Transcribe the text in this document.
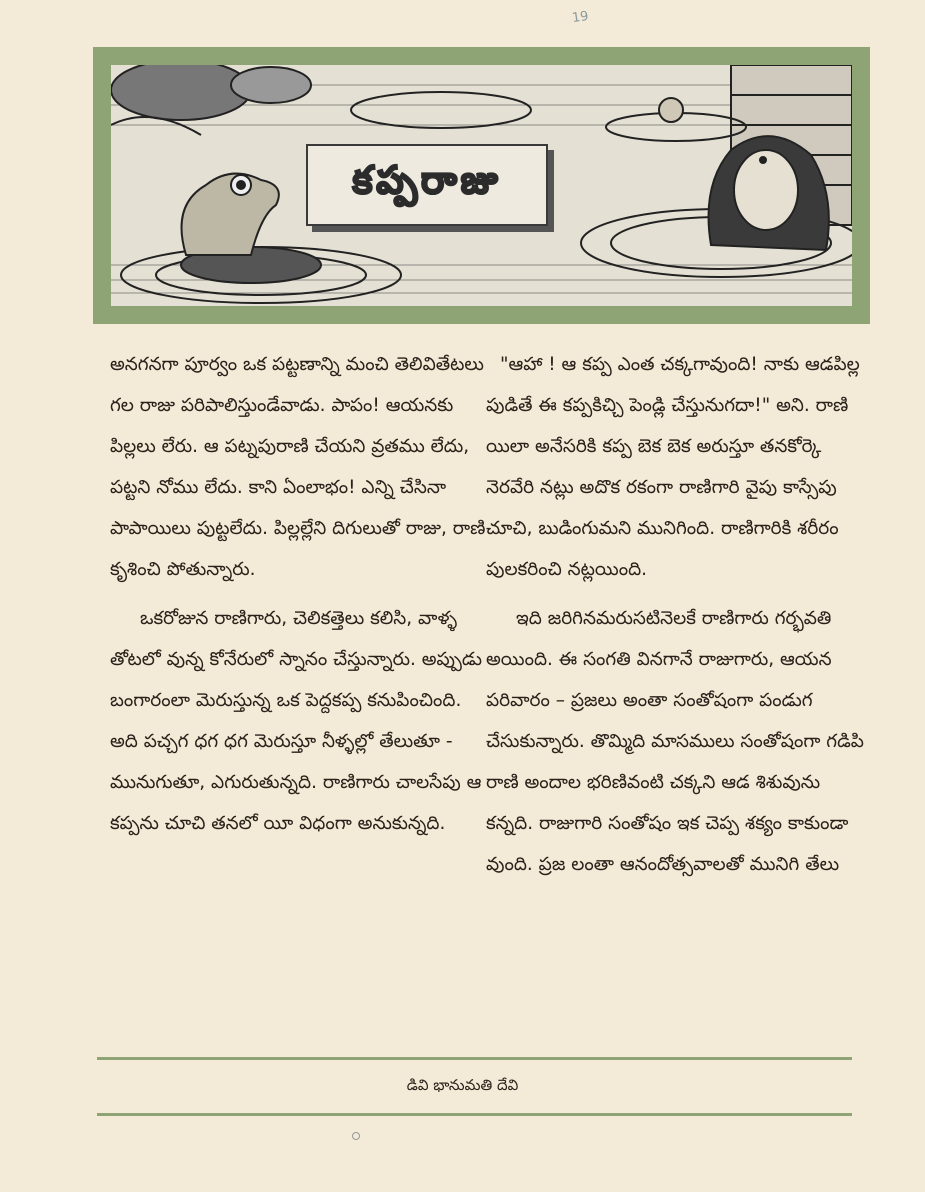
19
కప్పరాజు

అనగనగా పూర్వం ఒక పట్టణాన్ని మంచి తెలివితేటలు గల రాజు పరిపాలిస్తుండేవాడు. పాపం! ఆయనకు పిల్లలు లేరు. ఆ పట్నపురాణి చేయని వ్రతము లేదు, పట్టని నోము లేదు. కాని ఏంలాభం! ఎన్ని చేసినా పాపాయిలు పుట్టలేదు. పిల్లల్లేని దిగులుతో రాజు, రాణి కృశించి పోతున్నారు.

ఒకరోజున రాణిగారు, చెలికత్తెలు కలిసి, వాళ్ళ తోటలో వున్న కోనేరులో స్నానం చేస్తున్నారు. అప్పుడు బంగారంలా మెరుస్తున్న ఒక పెద్దకప్ప కనుపించింది. అది పచ్చగ ధగ ధగ మెరుస్తూ నీళ్ళల్లో తేలుతూ - మునుగుతూ, ఎగురుతున్నది. రాణిగారు చాలసేపు ఆ కప్పను చూచి తనలో యీ విధంగా అనుకున్నది.

"ఆహా ! ఆ కప్ప ఎంత చక్కగావుంది! నాకు ఆడపిల్ల పుడితే ఈ కప్పకిచ్చి పెండ్లి చేస్తునుగదా!" అని. రాణి యిలా అనేసరికి కప్ప బెక బెక అరుస్తూ తనకోర్కె నెరవేరి నట్లు అదొక రకంగా రాణిగారి వైపు కాస్సేపు చూచి, బుడింగుమని మునిగింది. రాణిగారికి శరీరం పులకరించి నట్లయింది.

ఇది జరిగినమరుసటినెలకే రాణిగారు గర్భవతి అయింది. ఈ సంగతి వినగానే రాజుగారు, ఆయన పరివారం – ప్రజలు అంతా సంతోషంగా పండుగ చేసుకున్నారు. తొమ్మిది మాసములు సంతోషంగా గడిపి రాణి అందాల భరిణివంటి చక్కని ఆడ శిశువును కన్నది. రాజుగారి సంతోషం ఇక చెప్ప శక్యం కాకుండా వుంది. ప్రజ లంతా ఆనందోత్సవాలతో మునిగి తేలు

డివి భానుమతి దేవి
